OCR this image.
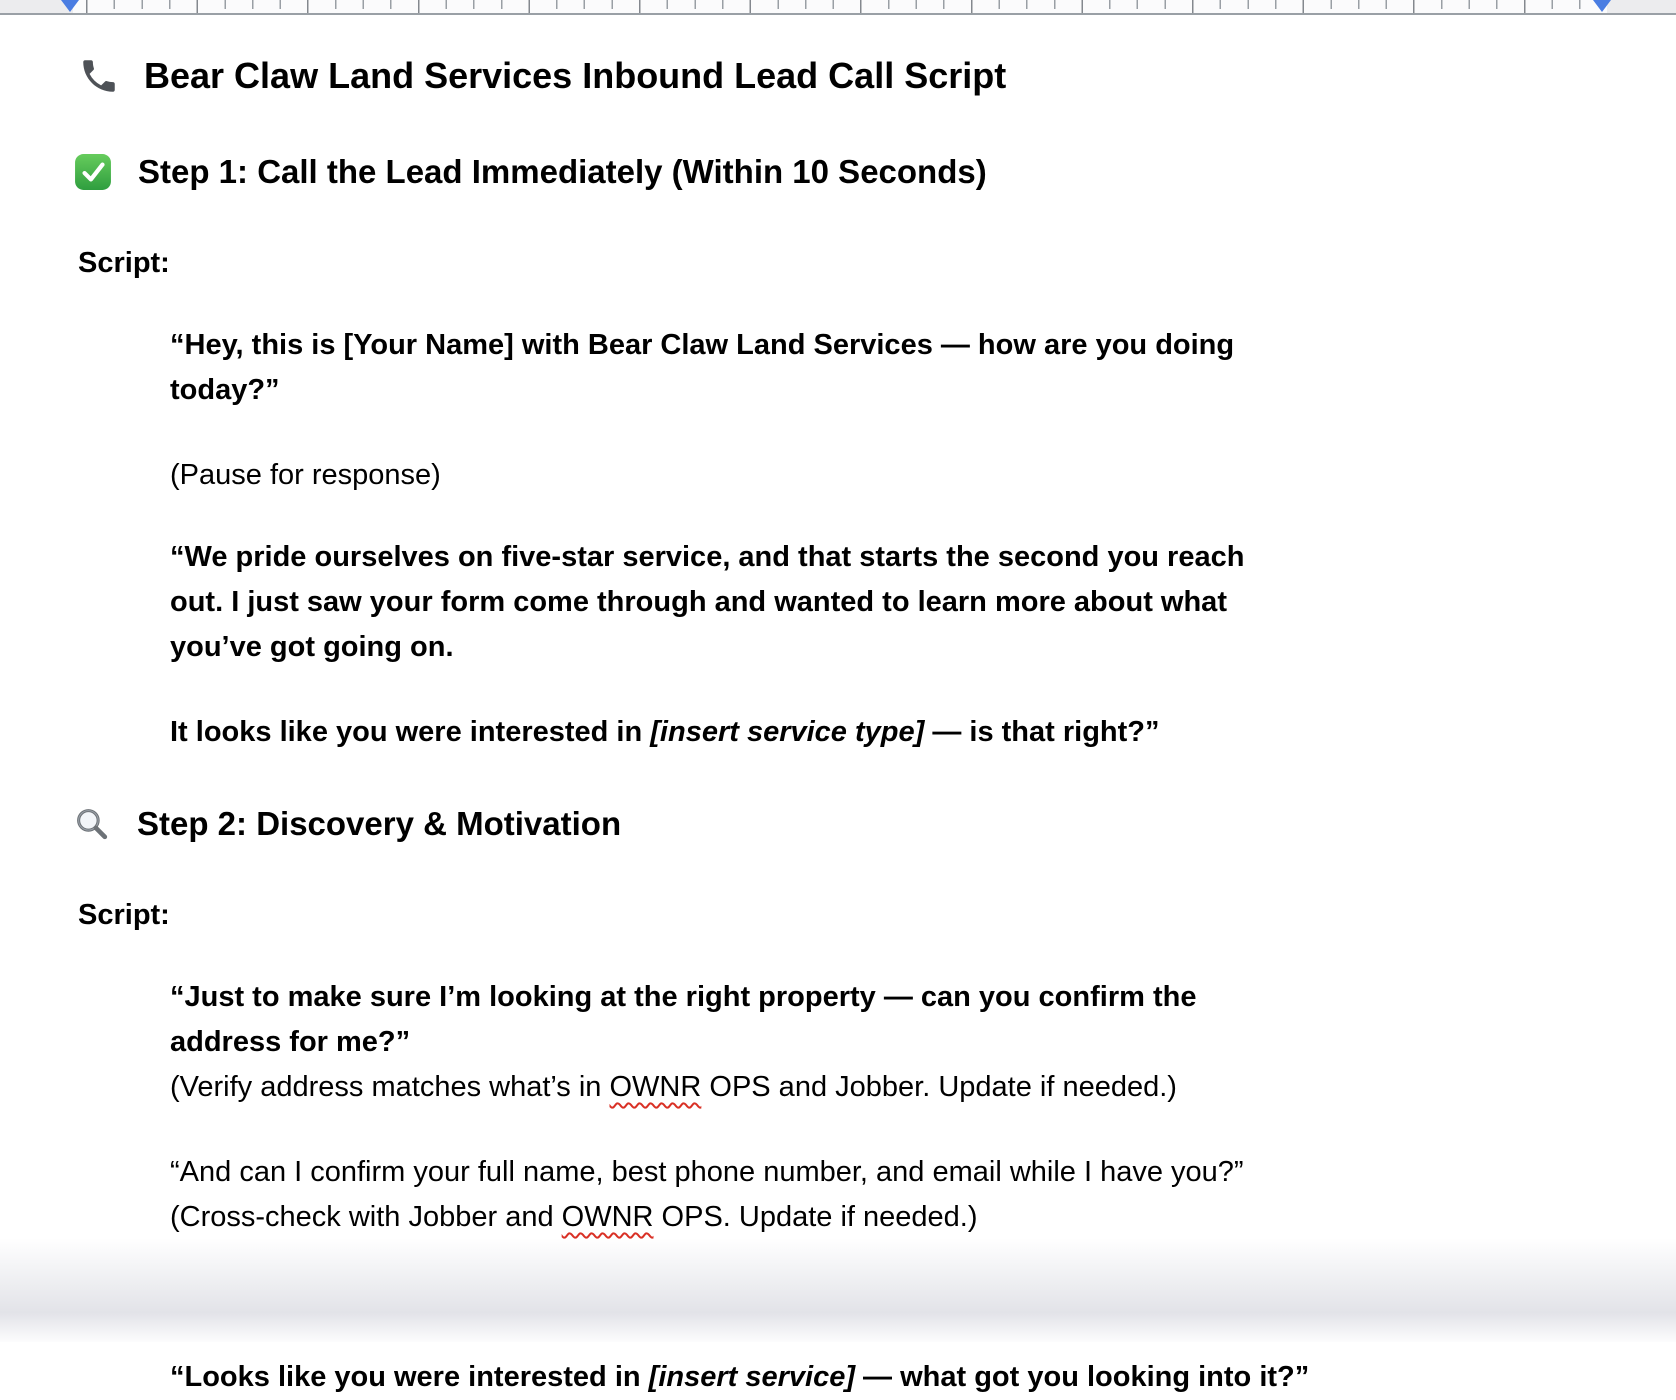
Bear Claw Land Services Inbound Lead Call Script
Step 1: Call the Lead Immediately (Within 10 Seconds)
Script:
“Hey, this is [Your Name] with Bear Claw Land Services — how are you doing
today?”
(Pause for response)
“We pride ourselves on five-star service, and that starts the second you reach
out. I just saw your form come through and wanted to learn more about what
you’ve got going on.
It looks like you were interested in [insert service type] — is that right?”
Step 2: Discovery & Motivation
Script:
“Just to make sure I’m looking at the right property — can you confirm the
address for me?”
(Verify address matches what’s in OWNR OPS and Jobber. Update if needed.)
“And can I confirm your full name, best phone number, and email while I have you?”
(Cross-check with Jobber and OWNR OPS. Update if needed.)
“Looks like you were interested in [insert service] — what got you looking into it?”
